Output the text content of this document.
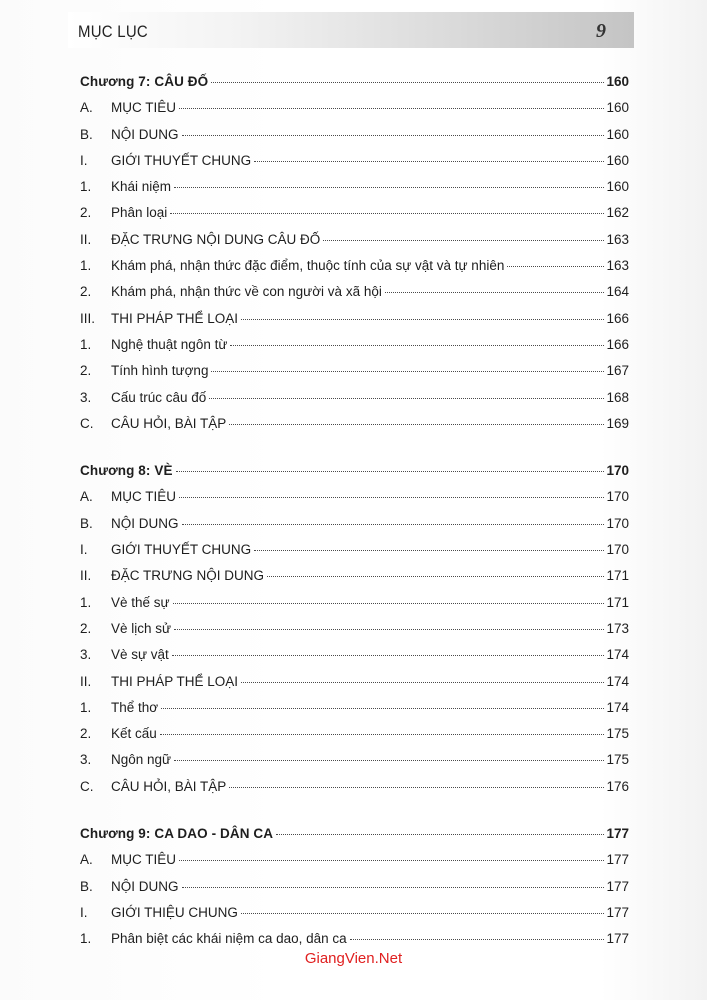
MỤC LỤC	9
Chương 7: CÂU ĐỐ	160
A.	MỤC TIÊU	160
B.	NỘI DUNG	160
I.	GIỚI THUYẾT CHUNG	160
1.	Khái niệm	160
2.	Phân loại	162
II.	ĐẶC TRƯNG NỘI DUNG CÂU ĐỐ	163
1.	Khám phá, nhận thức đặc điểm, thuộc tính của sự vật và tự nhiên	163
2.	Khám phá, nhận thức về con người và xã hội	164
III.	THI PHÁP THỂ LOẠI	166
1.	Nghệ thuật ngôn từ	166
2.	Tính hình tượng	167
3.	Cấu trúc câu đố	168
C.	CÂU HỎI, BÀI TẬP	169
Chương 8: VÈ	170
A.	MỤC TIÊU	170
B.	NỘI DUNG	170
I.	GIỚI THUYẾT CHUNG	170
II.	ĐẶC TRƯNG NỘI DUNG	171
1.	Vè thế sự	171
2.	Vè lịch sử	173
3.	Vè sự vật	174
II.	THI PHÁP THỂ LOẠI	174
1.	Thể thơ	174
2.	Kết cấu	175
3.	Ngôn ngữ	175
C.	CÂU HỎI, BÀI TẬP	176
Chương 9: CA DAO - DÂN CA	177
A.	MỤC TIÊU	177
B.	NỘI DUNG	177
I.	GIỚI THIỆU CHUNG	177
1.	Phân biệt các khái niệm ca dao, dân ca	177
GiangVien.Net
